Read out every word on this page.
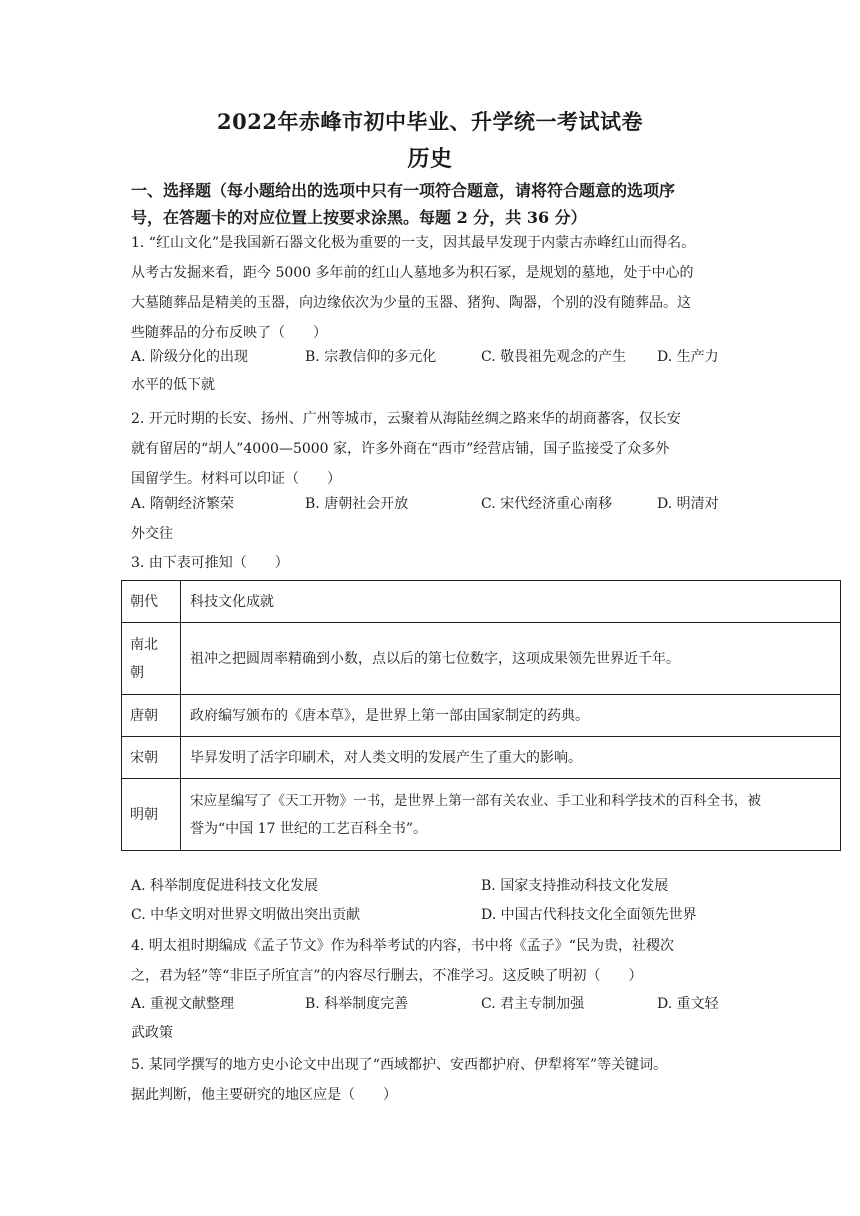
2022年赤峰市初中毕业、升学统一考试试卷
历史
一、选择题（每小题给出的选项中只有一项符合题意，请将符合题意的选项序
号，在答题卡的对应位置上按要求涂黑。每题 2 分，共 36 分）
1. “红山文化”是我国新石器文化极为重要的一支，因其最早发现于内蒙古赤峰红山而得名。
从考古发掘来看，距今 5000 多年前的红山人墓地多为积石冢，是规划的墓地，处于中心的
大墓随葬品是精美的玉器，向边缘依次为少量的玉器、猪狗、陶器，个别的没有随葬品。这
些随葬品的分布反映了（　　）
A. 阶级分化的出现	B. 宗教信仰的多元化	C. 敬畏祖先观念的产生 D. 生产力
水平的低下就
2. 开元时期的长安、扬州、广州等城市，云聚着从海陆丝绸之路来华的胡商蕃客，仅长安
就有留居的“胡人”4000—5000 家，许多外商在“西市”经营店铺，国子监接受了众多外
国留学生。材料可以印证（　　）
A. 隋朝经济繁荣	B. 唐朝社会开放	C. 宋代经济重心南移	D. 明清对
外交往
3. 由下表可推知（　　）
朝代	科技文化成就

南北
朝	祖冲之把圆周率精确到小数，点以后的第七位数字，这项成果领先世界近千年。
唐朝	政府编写颁布的《唐本草》，是世界上第一部由国家制定的药典。
宋朝	毕昇发明了活字印刷术，对人类文明的发展产生了重大的影响。
明朝	宋应星编写了《天工开物》一书，是世界上第一部有关农业、手工业和科学技术的百科全书，被
誉为“中国 17 世纪的工艺百科全书”。
A. 科举制度促进科技文化发展	B. 国家支持推动科技文化发展
C. 中华文明对世界文明做出突出贡献	D. 中国古代科技文化全面领先世界
4. 明太祖时期编成《孟子节文》作为科举考试的内容，书中将《孟子》“民为贵，社稷次
之，君为轻”等“非臣子所宜言”的内容尽行删去，不准学习。这反映了明初（　　）
A. 重视文献整理	B. 科举制度完善	C. 君主专制加强	D. 重文轻
武政策
5. 某同学撰写的地方史小论文中出现了“西域都护、安西都护府、伊犁将军”等关键词。
据此判断，他主要研究的地区应是（　　）
